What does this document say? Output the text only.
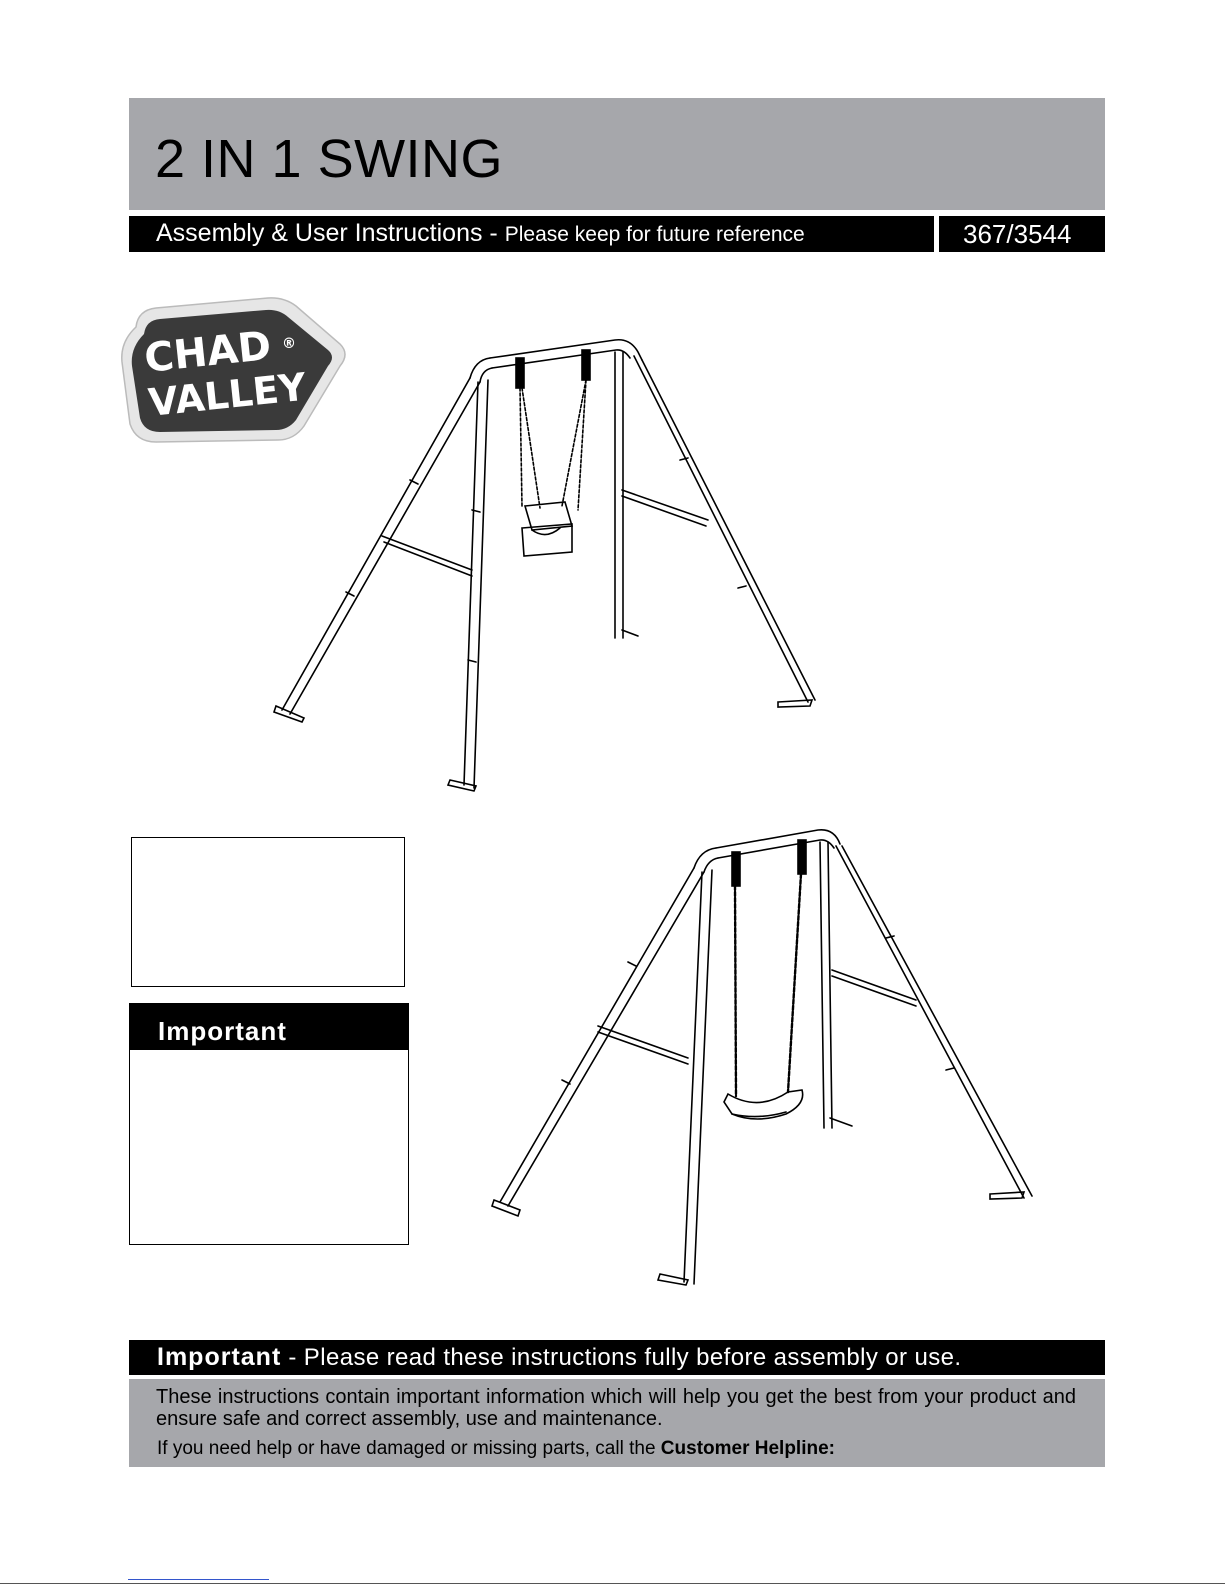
2 IN 1 SWING
Assembly & User Instructions - Please keep for future reference	367/3544
CHAD ®
VALLEY
Important
Important - Please read these instructions fully before assembly or use.
These instructions contain important information which will help you get the best from your product and ensure safe and correct assembly, use and maintenance.
If you need help or have damaged or missing parts, call the Customer Helpline:
